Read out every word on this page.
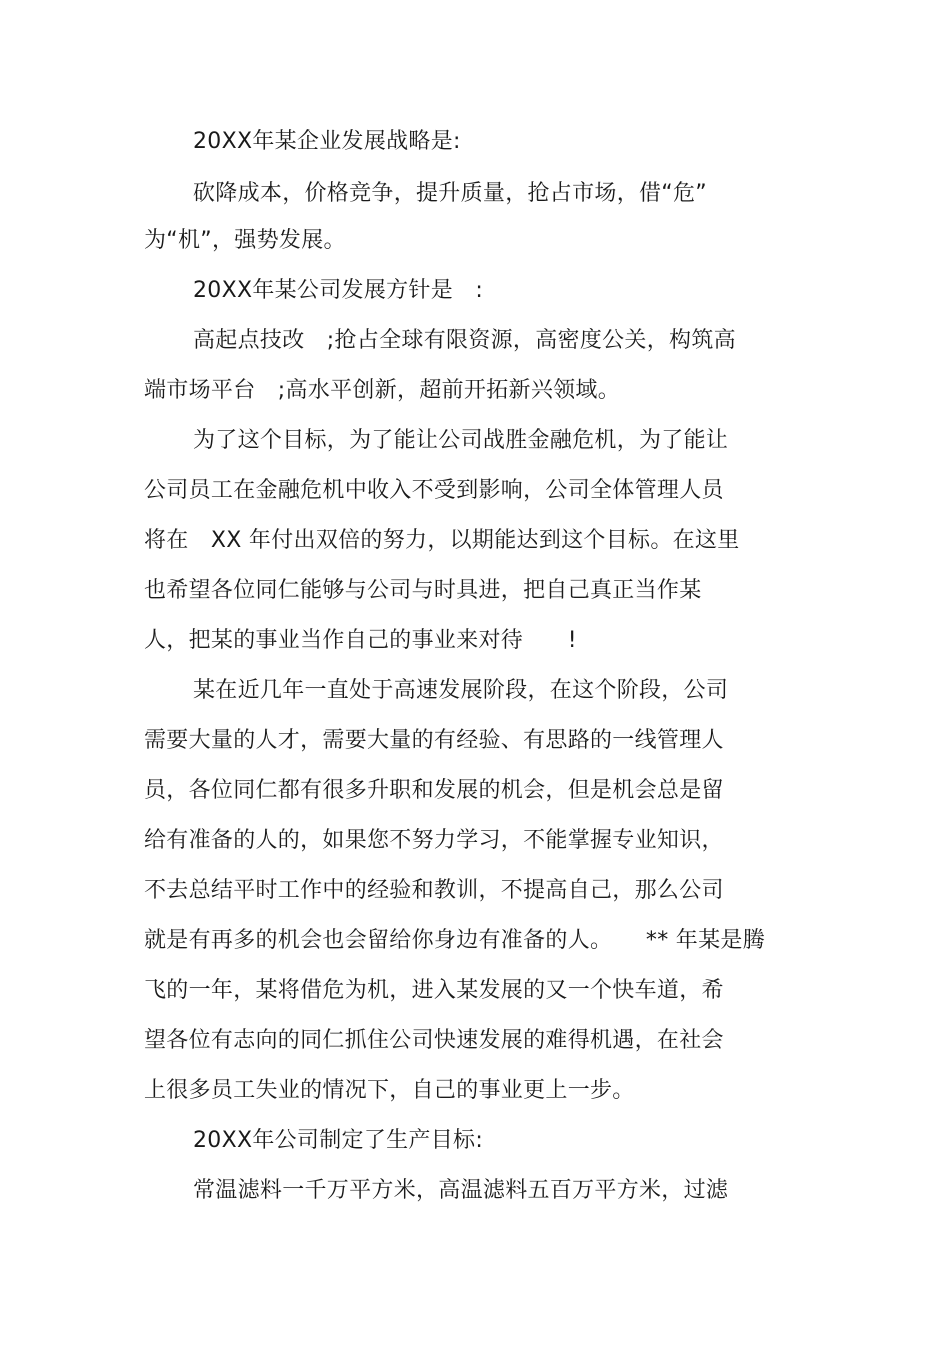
20XX年某企业发展战略是:
砍降成本，价格竞争，提升质量，抢占市场，借“危”
为“机”，强势发展。
20XX年某公司发展方针是　:
高起点技改　;抢占全球有限资源，高密度公关，构筑高
端市场平台　;高水平创新，超前开拓新兴领域。
为了这个目标，为了能让公司战胜金融危机，为了能让
公司员工在金融危机中收入不受到影响，公司全体管理人员
将在　XX 年付出双倍的努力，以期能达到这个目标。在这里
也希望各位同仁能够与公司与时具进，把自己真正当作某
人，把某的事业当作自己的事业来对待　　!
某在近几年一直处于高速发展阶段，在这个阶段，公司
需要大量的人才，需要大量的有经验、有思路的一线管理人
员，各位同仁都有很多升职和发展的机会，但是机会总是留
给有准备的人的，如果您不努力学习，不能掌握专业知识，
不去总结平时工作中的经验和教训，不提高自己，那么公司
就是有再多的机会也会留给你身边有准备的人。　　** 年某是腾
飞的一年，某将借危为机，进入某发展的又一个快车道，希
望各位有志向的同仁抓住公司快速发展的难得机遇，在社会
上很多员工失业的情况下，自己的事业更上一步。
20XX年公司制定了生产目标:
常温滤料一千万平方米，高温滤料五百万平方米，过滤
